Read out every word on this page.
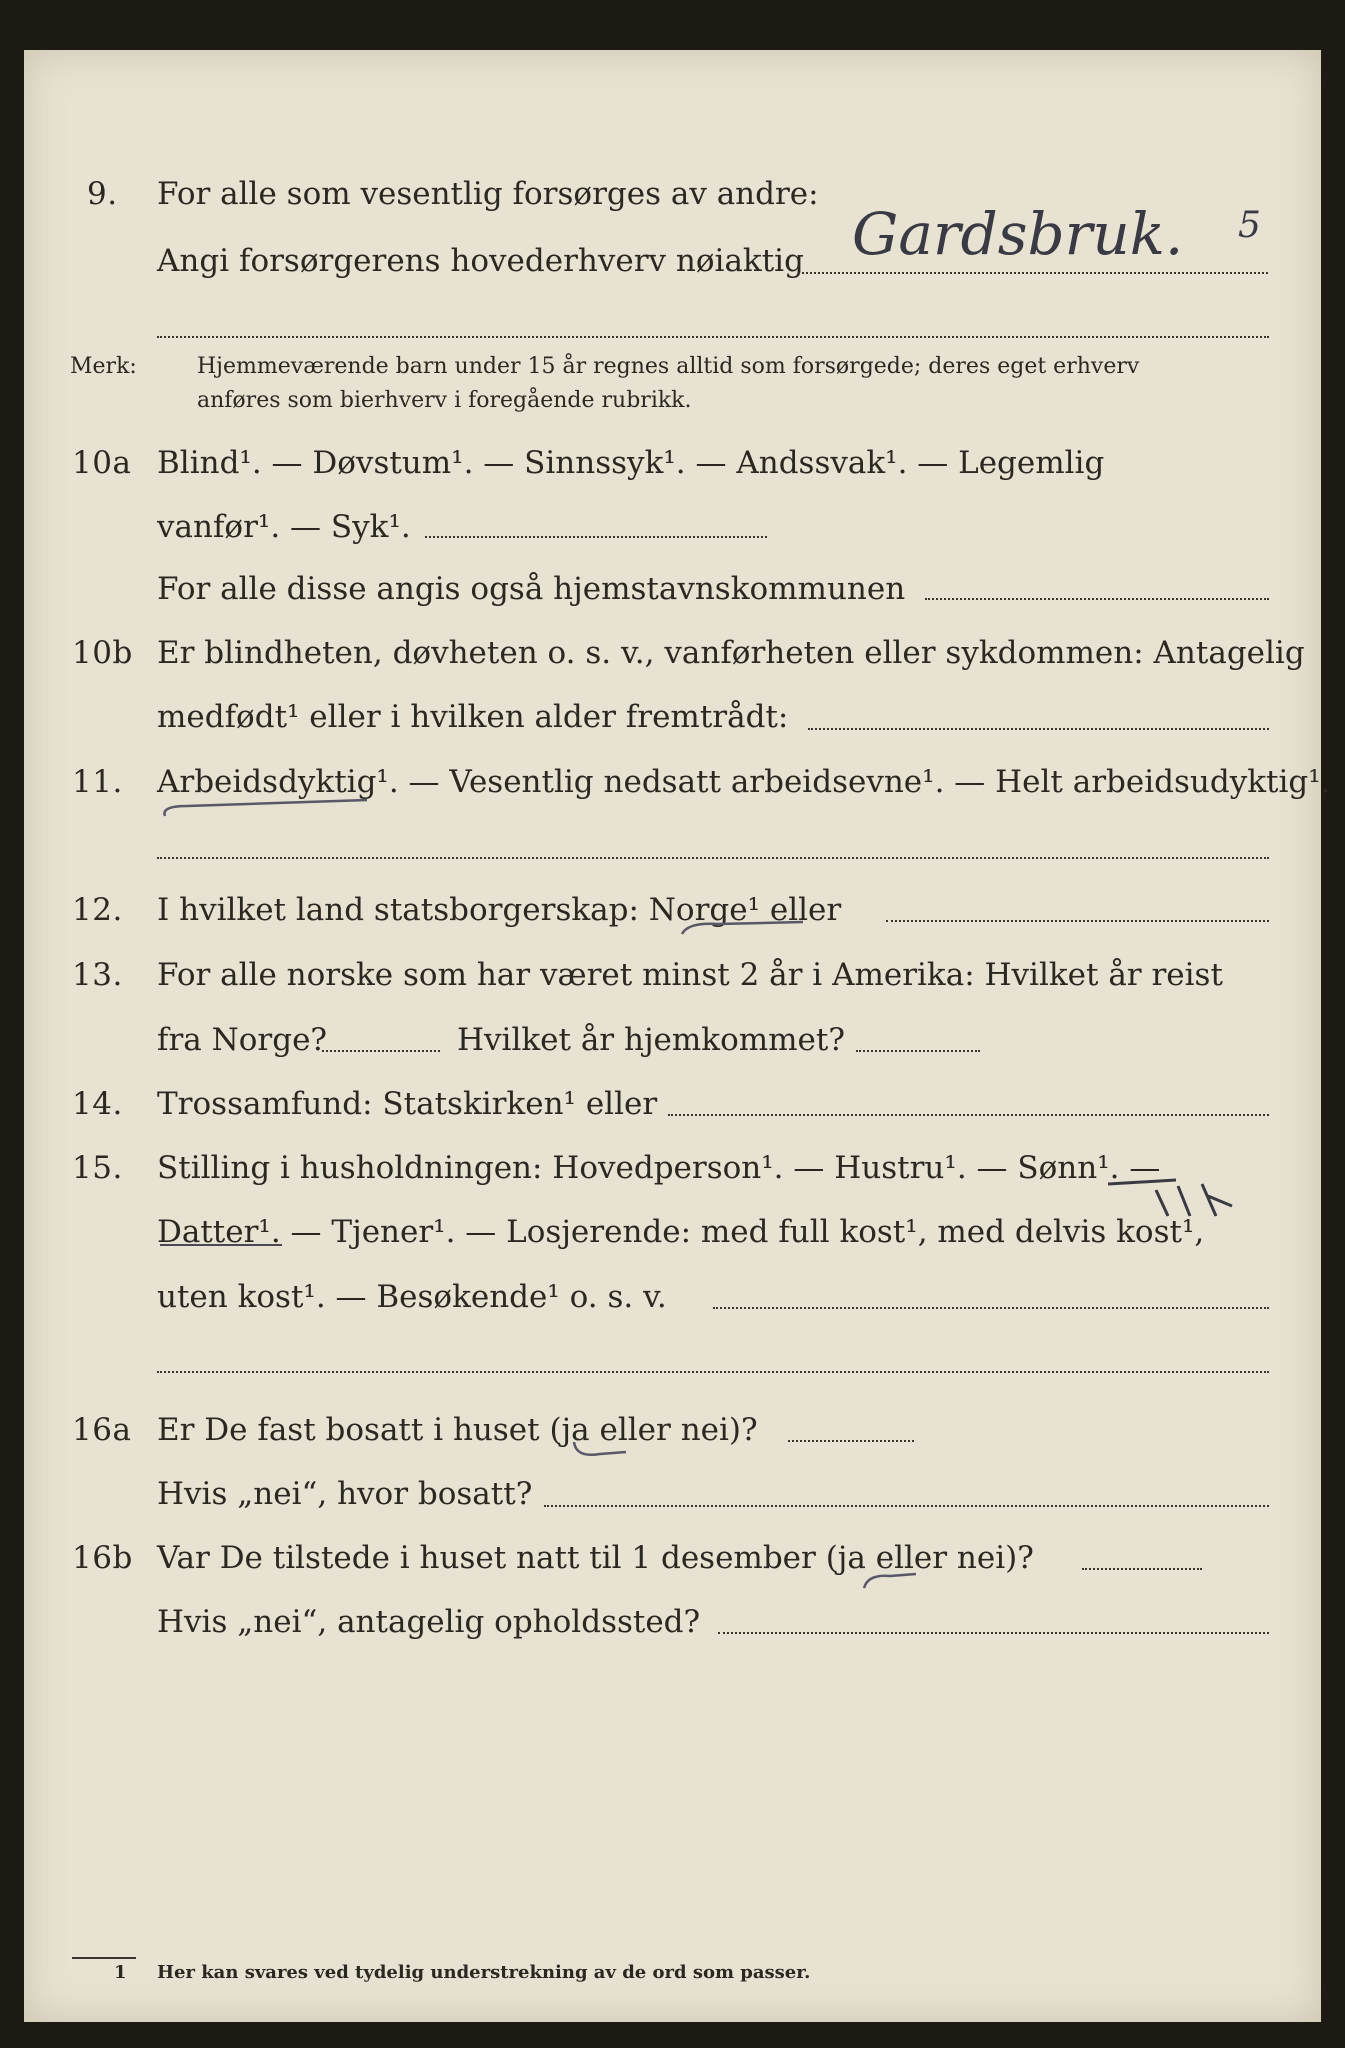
9. For alle som vesentlig forsørges av andre:
Angi forsørgerens hovederhverv nøiaktig Gardsbruk. 5
Merk:	Hjemmeværende barn under 15 år regnes alltid som forsørgede; deres eget erhverv
anføres som bierhverv i foregående rubrikk.
10a Blind¹. — Døvstum¹. — Sinnssyk¹. — Andssvak¹. — Legemlig
vanfør¹. — Syk¹.
For alle disse angis også hjemstavnskommunen
10b Er blindheten, døvheten o. s. v., vanførheten eller sykdommen: Antagelig
medfødt¹ eller i hvilken alder fremtrådt:
11. Arbeidsdyktig¹. — Vesentlig nedsatt arbeidsevne¹. — Helt arbeidsudyktig¹.
12. I hvilket land statsborgerskap: Norge¹ eller
13. For alle norske som har været minst 2 år i Amerika: Hvilket år reist
fra Norge?	Hvilket år hjemkommet?
14. Trossamfund: Statskirken¹ eller
15. Stilling i husholdningen: Hovedperson¹. — Hustru¹. — Sønn¹. —
Datter¹. — Tjener¹. — Losjerende: med full kost¹, med delvis kost¹,
uten kost¹. — Besøkende¹ o. s. v.
16a Er De fast bosatt i huset (ja eller nei)?
Hvis „nei“, hvor bosatt?
16b Var De tilstede i huset natt til 1 desember (ja eller nei)?
Hvis „nei“, antagelig opholdssted?
1 Her kan svares ved tydelig understrekning av de ord som passer.
